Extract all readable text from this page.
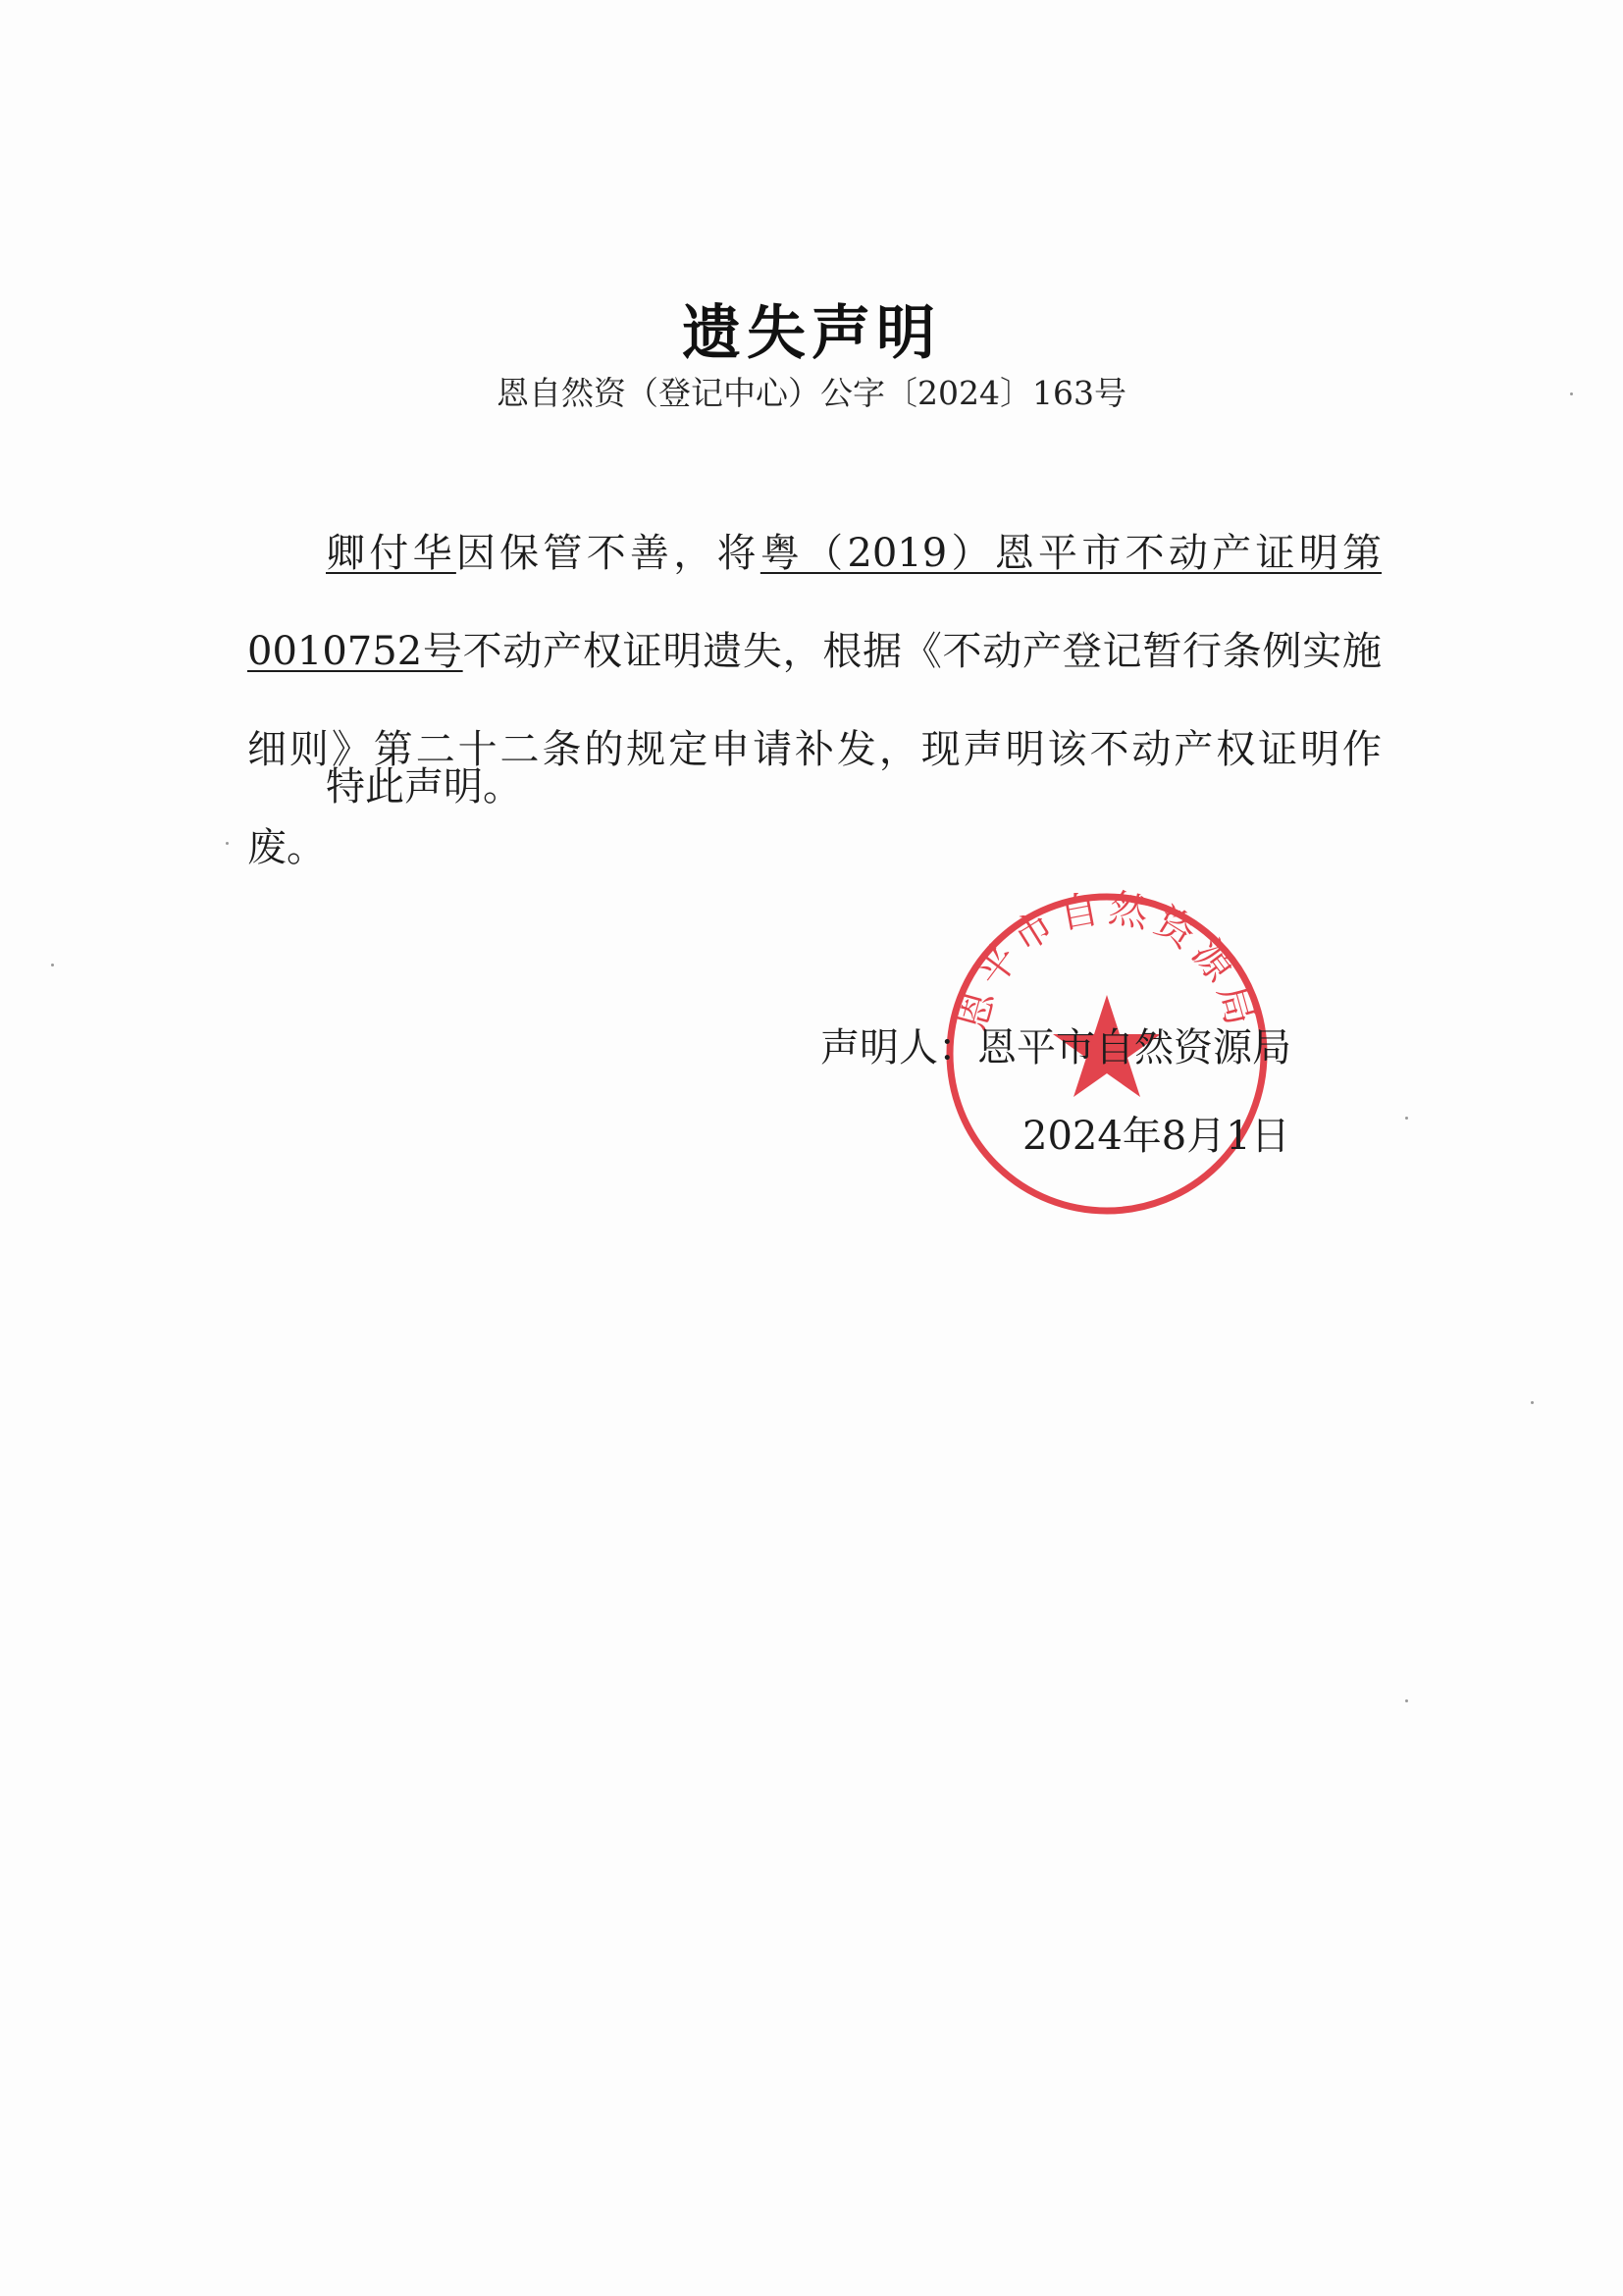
遗失声明
恩自然资（登记中心）公字〔2024〕163号

卿付华因保管不善，将粤（2019）恩平市不动产证明第0010752号不动产权证明遗失，根据《不动产登记暂行条例实施细则》第二十二条的规定申请补发，现声明该不动产权证明作废。

特此声明。
恩平市自然资源局
声明人：恩平市自然资源局
2024年8月1日
